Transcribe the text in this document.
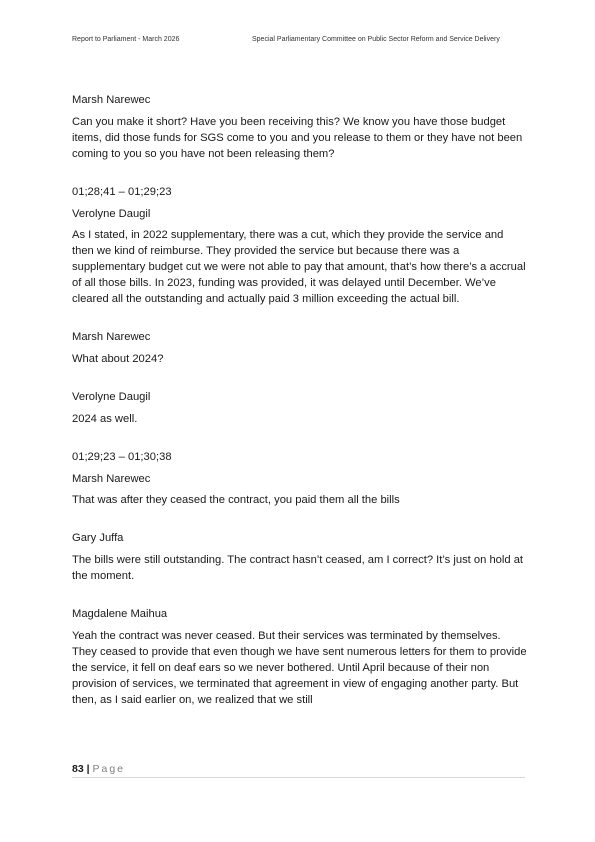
Report to Parliament - March 2026	Special Parliamentary Committee on Public Sector Reform and Service Delivery

Marsh Narewec

Can you make it short? Have you been receiving this? We know you have those budget items, did those funds for SGS come to you and you release to them or they have not been coming to you so you have not been releasing them?

01;28;41 – 01;29;23

Verolyne Daugil

As I stated, in 2022 supplementary, there was a cut, which they provide the service and then we kind of reimburse. They provided the service but because there was a supplementary budget cut we were not able to pay that amount, that’s how there’s a accrual of all those bills. In 2023, funding was provided, it was delayed until December. We’ve cleared all the outstanding and actually paid 3 million exceeding the actual bill.

Marsh Narewec

What about 2024?

Verolyne Daugil

2024 as well.

01;29;23 – 01;30;38

Marsh Narewec

That was after they ceased the contract, you paid them all the bills

Gary Juffa

The bills were still outstanding. The contract hasn’t ceased, am I correct? It’s just on hold at the moment.

Magdalene Maihua

Yeah the contract was never ceased. But their services was terminated by themselves. They ceased to provide that even though we have sent numerous letters for them to provide the service, it fell on deaf ears so we never bothered. Until April because of their non provision of services, we terminated that agreement in view of engaging another party. But then, as I said earlier on, we realized that we still

83 | Page
